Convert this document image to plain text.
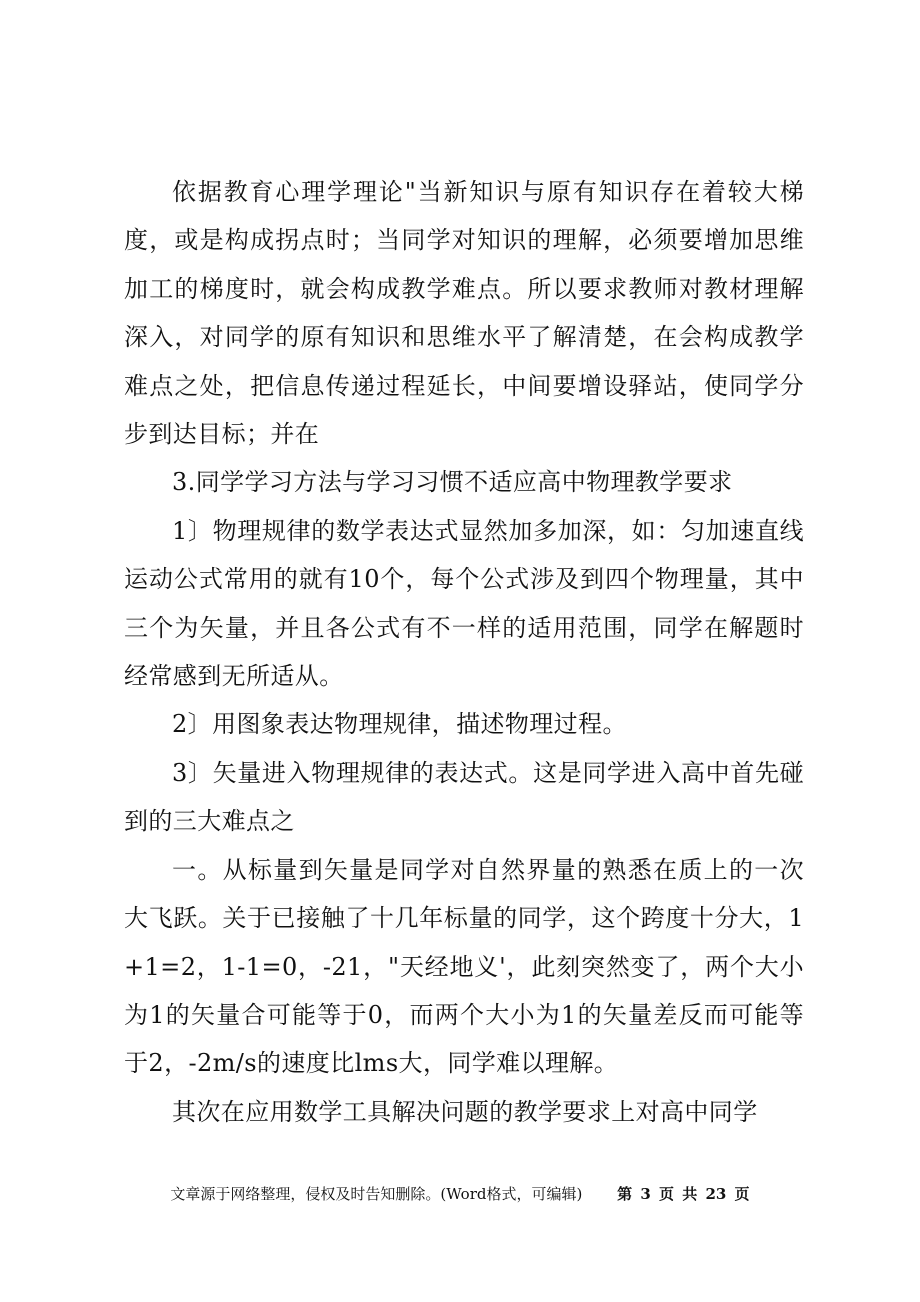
依据教育心理学理论"当新知识与原有知识存在着较大梯度，或是构成拐点时；当同学对知识的理解，必须要增加思维加工的梯度时，就会构成教学难点。所以要求教师对教材理解深入，对同学的原有知识和思维水平了解清楚，在会构成教学难点之处，把信息传递过程延长，中间要增设驿站，使同学分步到达目标；并在

3.同学学习方法与学习习惯不适应高中物理教学要求

1〕物理规律的数学表达式显然加多加深，如：匀加速直线运动公式常用的就有10个，每个公式涉及到四个物理量，其中三个为矢量，并且各公式有不一样的适用范围，同学在解题时经常感到无所适从。

2〕用图象表达物理规律，描述物理过程。

3〕矢量进入物理规律的表达式。这是同学进入高中首先碰到的三大难点之

一。从标量到矢量是同学对自然界量的熟悉在质上的一次大飞跃。关于已接触了十几年标量的同学，这个跨度十分大，1+1=2，1-1=0，-21，"天经地义'，此刻突然变了，两个大小为1的矢量合可能等于0，而两个大小为1的矢量差反而可能等于2，-2m/s的速度比lms大，同学难以理解。

其次在应用数学工具解决问题的教学要求上对高中同学

文章源于网络整理，侵权及时告知删除。(Word格式，可编辑) 第 3 页 共 23 页
